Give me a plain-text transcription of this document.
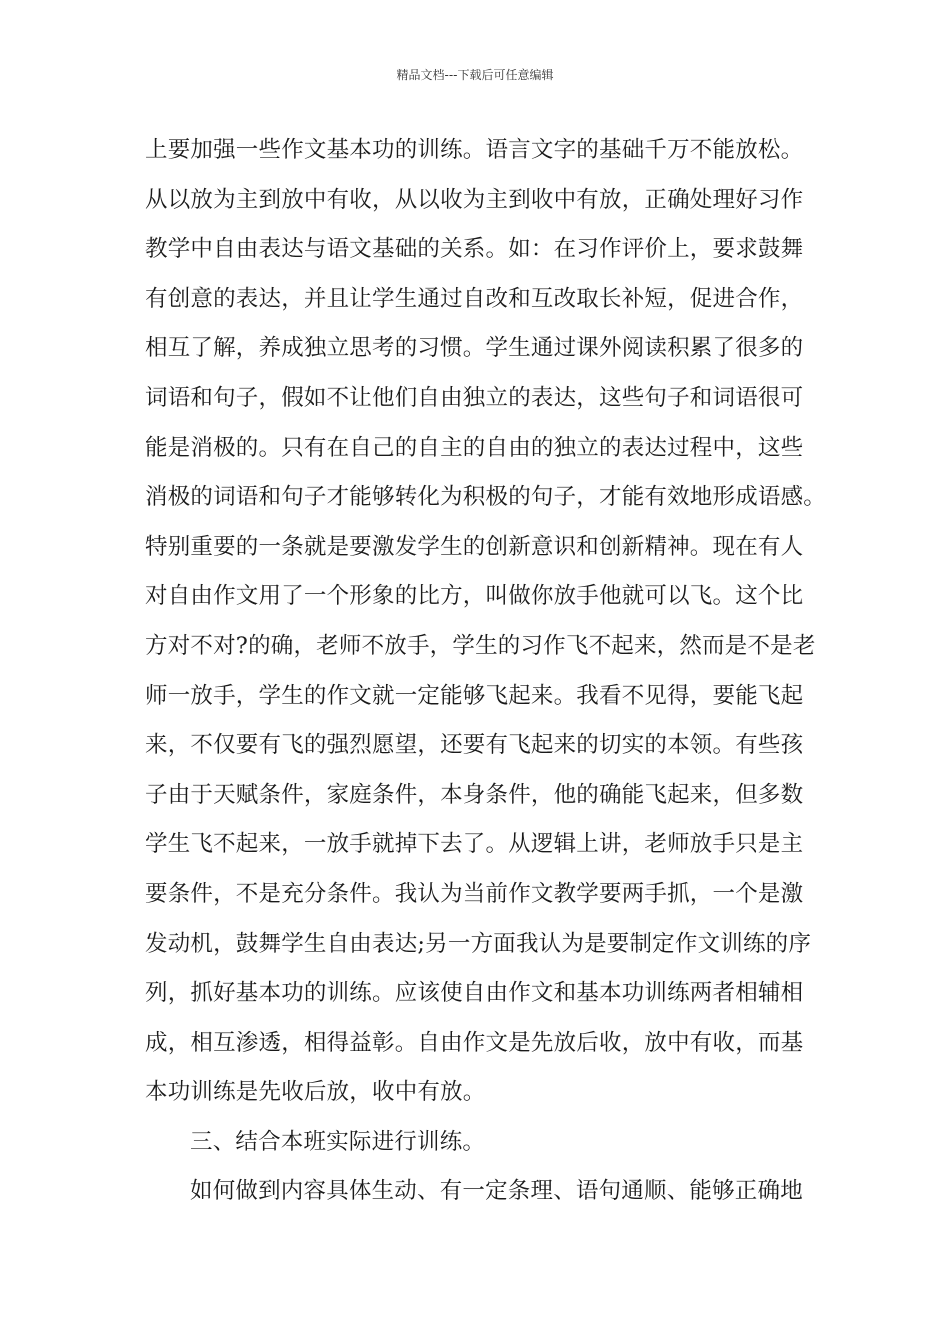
精品文档---下载后可任意编辑
上要加强一些作文基本功的训练。语言文字的基础千万不能放松。
从以放为主到放中有收，从以收为主到收中有放，正确处理好习作
教学中自由表达与语文基础的关系。如：在习作评价上，要求鼓舞
有创意的表达，并且让学生通过自改和互改取长补短，促进合作，
相互了解，养成独立思考的习惯。学生通过课外阅读积累了很多的
词语和句子，假如不让他们自由独立的表达，这些句子和词语很可
能是消极的。只有在自己的自主的自由的独立的表达过程中，这些
消极的词语和句子才能够转化为积极的句子，才能有效地形成语感。
特别重要的一条就是要激发学生的创新意识和创新精神。现在有人
对自由作文用了一个形象的比方，叫做你放手他就可以飞。这个比
方对不对?的确，老师不放手，学生的习作飞不起来，然而是不是老
师一放手，学生的作文就一定能够飞起来。我看不见得，要能飞起
来，不仅要有飞的强烈愿望，还要有飞起来的切实的本领。有些孩
子由于天赋条件，家庭条件，本身条件，他的确能飞起来，但多数
学生飞不起来，一放手就掉下去了。从逻辑上讲，老师放手只是主
要条件，不是充分条件。我认为当前作文教学要两手抓，一个是激
发动机，鼓舞学生自由表达;另一方面我认为是要制定作文训练的序
列，抓好基本功的训练。应该使自由作文和基本功训练两者相辅相
成，相互渗透，相得益彰。自由作文是先放后收，放中有收，而基
本功训练是先收后放，收中有放。
三、结合本班实际进行训练。
如何做到内容具体生动、有一定条理、语句通顺、能够正确地
